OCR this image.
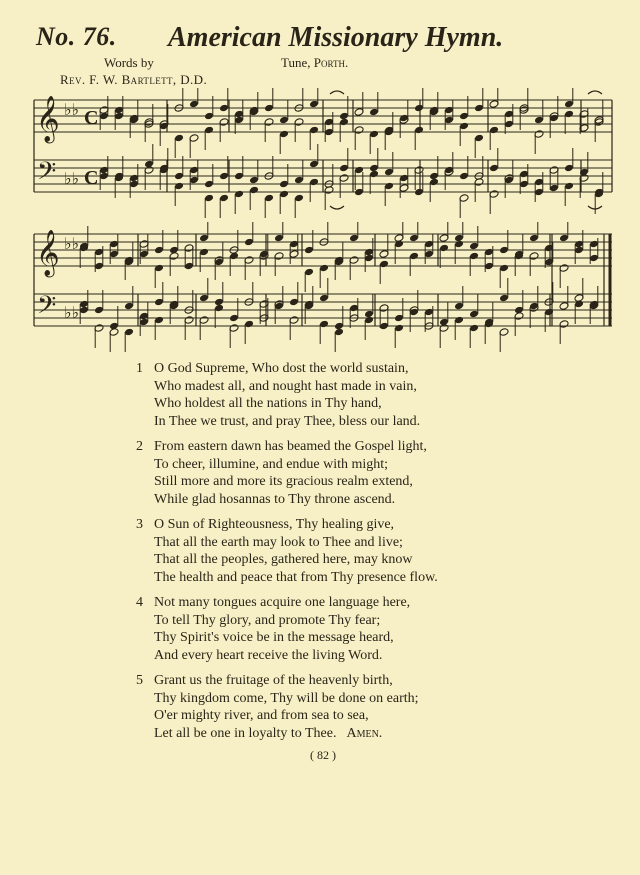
No. 76. American Missionary Hymn.
Words by
Rev. F. W. Bartlett, D.D.
Tune, Porth.
𝄞
𝄢
♭♭
♭♭
C
C
𝄞
𝄢
♭♭
♭♭
1 O God Supreme, Who dost the world sustain,
Who madest all, and nought hast made in vain,
Who holdest all the nations in Thy hand,
In Thee we trust, and pray Thee, bless our land.
2 From eastern dawn has beamed the Gospel light,
To cheer, illumine, and endue with might;
Still more and more its gracious realm extend,
While glad hosannas to Thy throne ascend.
3 O Sun of Righteousness, Thy healing give,
That all the earth may look to Thee and live;
That all the peoples, gathered here, may know
The health and peace that from Thy presence flow.
4 Not many tongues acquire one language here,
To tell Thy glory, and promote Thy fear;
Thy Spirit's voice be in the message heard,
And every heart receive the living Word.
5 Grant us the fruitage of the heavenly birth,
Thy kingdom come, Thy will be done on earth;
O'er mighty river, and from sea to sea,
Let all be one in loyalty to Thee. Amen.
( 82 )
